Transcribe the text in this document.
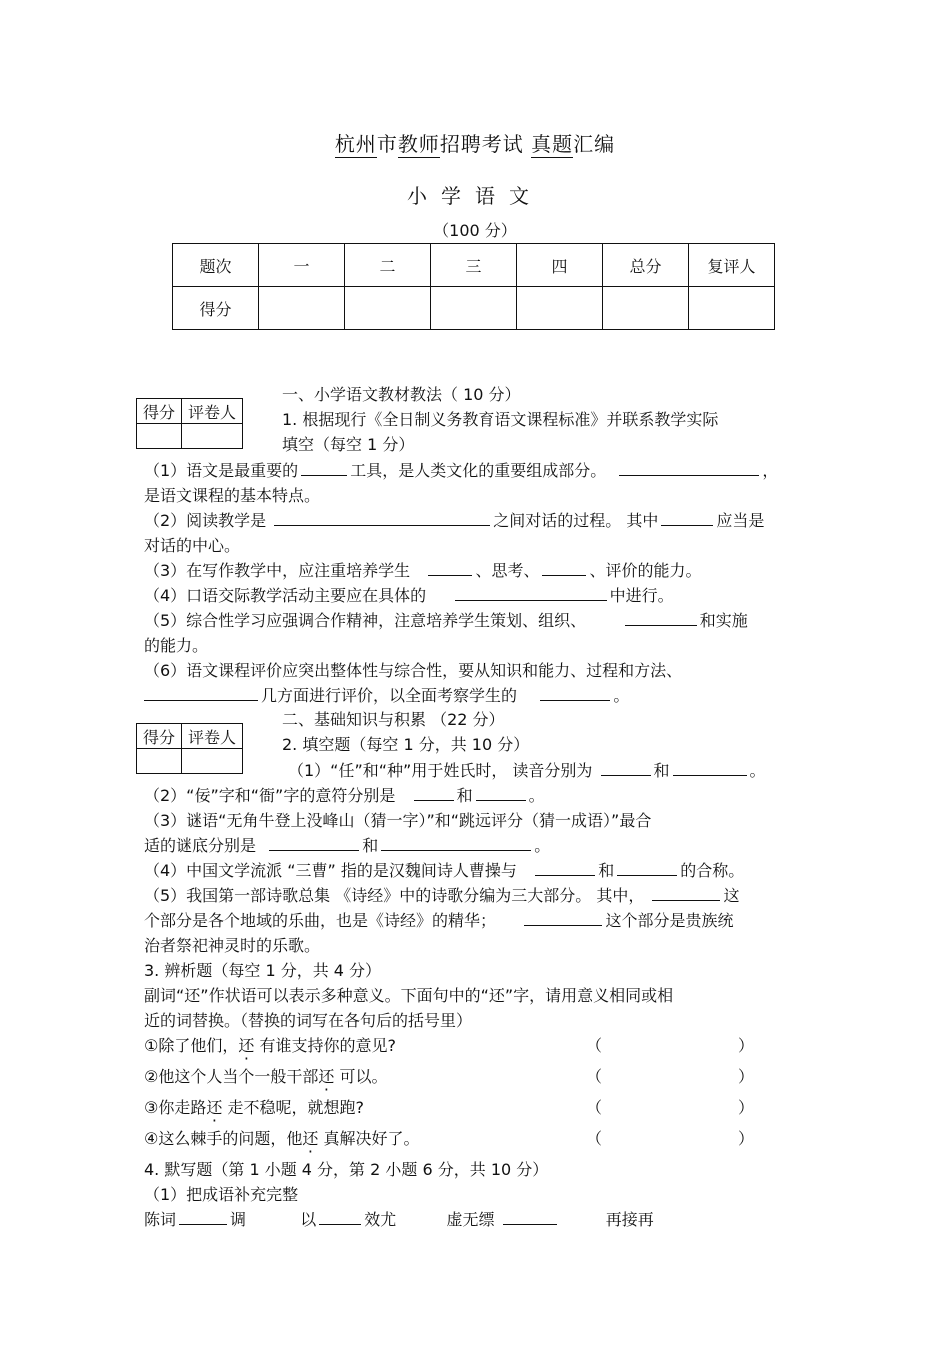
杭州市教师招聘考试 真题汇编
小学语文
（100 分）
题次	一	二	三	四	总分	复评人
得分						
得分	评卷人

一、小学语文教材教法（ 10 分）
1. 根据现行《全日制义务教育语文课程标准》并联系教学实际
填空（每空 1 分）
（1）语文是最重要的	工具，是人类文化的重要组成部分。	，
是语文课程的基本特点。
（2）阅读教学是	之间对话的过程。 其中	应当是
对话的中心。
（3）在写作教学中，应注重培养学生	、思考、	、评价的能力。
（4）口语交际教学活动主要应在具体的	中进行。
（5）综合性学习应强调合作精神，注意培养学生策划、组织、	和实施
的能力。
（6）语文课程评价应突出整体性与综合性，要从知识和能力、过程和方法、
几方面进行评价，以全面考察学生的	。
二、基础知识与积累 （22 分）
得分	评卷人
		2. 填空题（每空 1 分，共 10 分）
（1）“任”和“种”用于姓氏时， 读音分别为	和	。
（2）“佞”字和“衙”字的意符分别是	和	。
（3）谜语“无角牛登上没峰山（猜一字）”和“跳远评分（猜一成语）”最合
适的谜底分别是	和	。
（4）中国文学流派 “三曹” 指的是汉魏间诗人曹操与	和	的合称。
（5）我国第一部诗歌总集 《诗经》中的诗歌分编为三大部分。 其中，	这
个部分是各个地域的乐曲，也是《诗经》的精华；	这个部分是贵族统
治者祭祀神灵时的乐歌。
3. 辨析题（每空 1 分，共 4 分）
副词“还”作状语可以表示多种意义。下面句中的“还”字，请用意义相同或相
近的词替换。（替换的词写在各句后的括号里）
①除了他们，还 有谁支持你的意见?	（	）
②他这个人当个一般干部还 可以。	（	）
③你走路还 走不稳呢，就想跑?	（	）
④这么棘手的问题，他还 真解决好了。	（	）
4. 默写题（第 1 小题 4 分，第 2 小题 6 分，共 10 分）
（1）把成语补充完整
陈词	调	以	效尤	虚无缥	再接再
